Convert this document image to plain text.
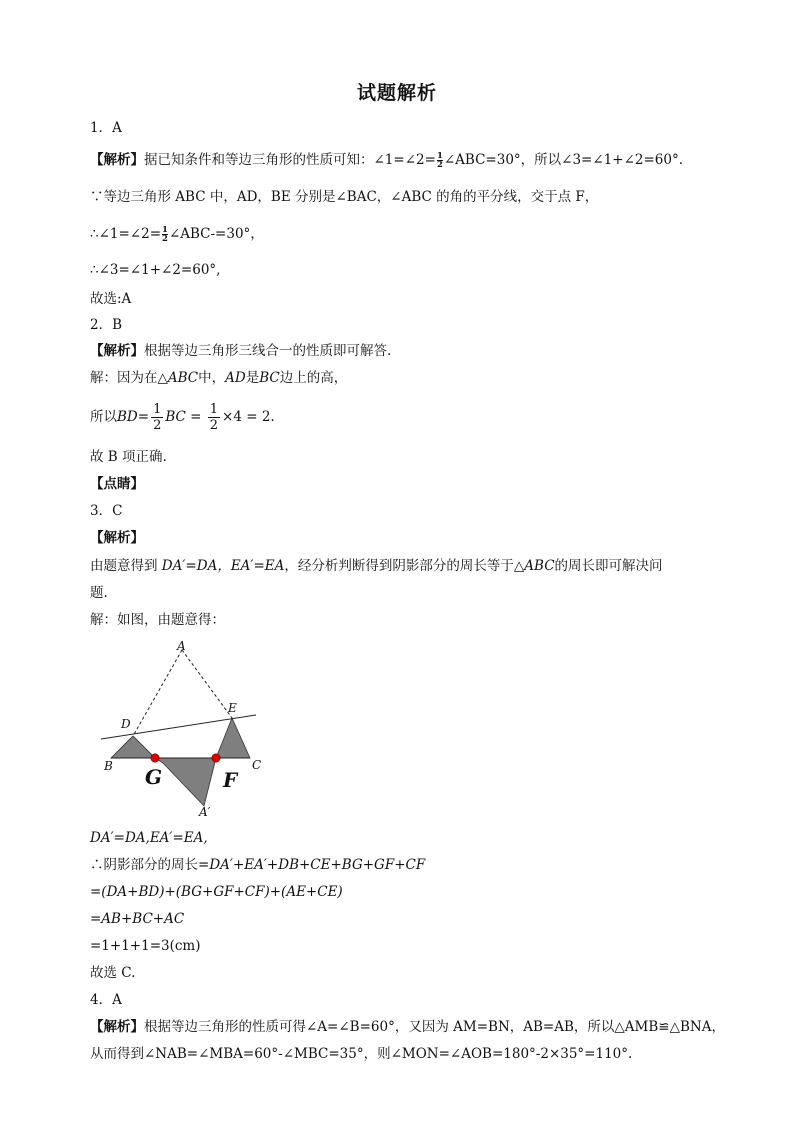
试题解析
1．A
【解析】据已知条件和等边三角形的性质可知：∠1=∠2= $\frac{1}{2}$ ∠ABC=30°，所以∠3=∠1+∠2=60°.
∵等边三角形 ABC 中，AD，BE 分别是∠BAC，∠ABC 的角的平分线，交于点 F，
∴∠1=∠2= $\frac{1}{2}$ ∠ABC-=30°，
∴∠3=∠1+∠2=60°,
故选:A
2．B
【解析】根据等边三角形三线合一的性质即可解答.
解：因为在△ABC中，AD是BC边上的高，
所以$BD= \frac{1}{2}$ BC = $\frac{1}{2} \times 4 = 2$.
故 B 项正确.
【点睛】
3．C
【解析】
由题意得到 DA′=DA，EA′=EA，经分析判断得到阴影部分的周长等于△ABC的周长即可解决问
题.
解：如图，由题意得：
A
D
E
B	C
A′
G	F
DA′=DA,EA′=EA,
∴阴影部分的周长=DA′+EA′+DB+CE+BG+GF+CF
=(DA+BD)+(BG+GF+CF)+(AE+CE)
=AB+BC+AC
=1+1+1=3(cm)
故选 C.
4．A
【解析】根据等边三角形的性质可得∠A=∠B=60°，又因为 AM=BN，AB=AB，所以△AMB≌△BNA，
从而得到∠NAB=∠MBA=60°-∠MBC=35°，则∠MON=∠AOB=180°-2×35°=110°.
